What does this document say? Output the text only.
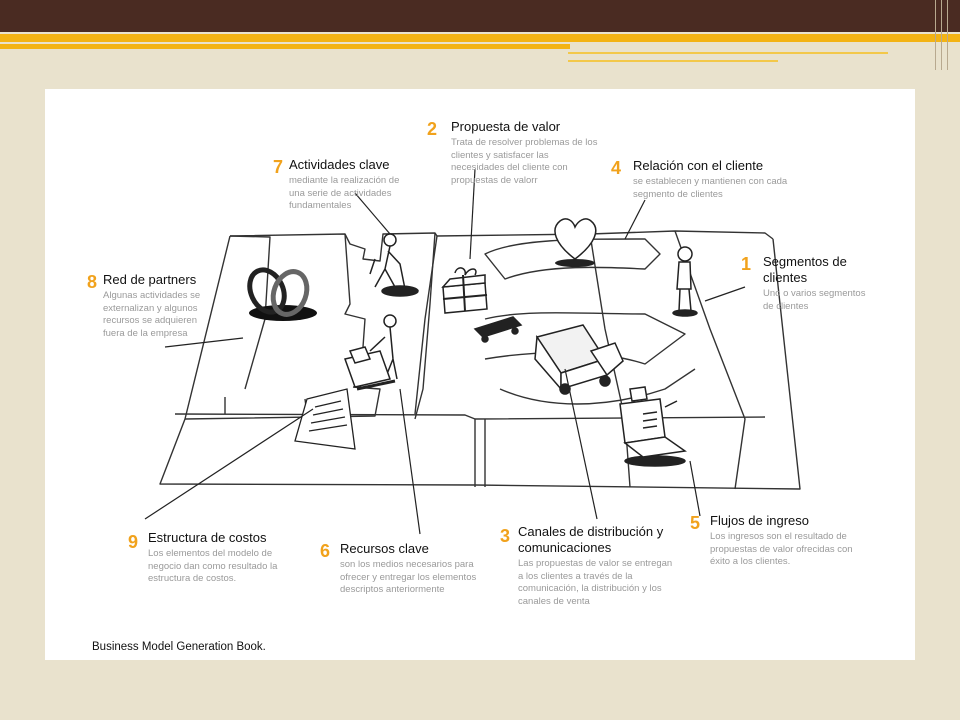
2 Propuesta de valor
Trata de resolver problemas de los clientes y satisfacer las necesidades del cliente con propuestas de valorr
7 Actividades clave
mediante la realización de una serie de actividades fundamentales
4 Relación con el cliente
se establecen y mantienen con cada segmento de clientes
1 Segmentos de clientes
Uno o varios segmentos de clientes
8 Red de partners
Algunas actividades se externalizan y algunos recursos se adquieren fuera de la empresa
9 Estructura de costos
Los elementos del modelo de negocio dan como resultado la estructura de costos.
6 Recursos clave
son los medios necesarios para ofrecer y entregar los elementos descriptos anteriormente
3 Canales de distribución y comunicaciones
Las propuestas de valor se entregan a los clientes a través de la comunicación, la distribución y los canales de venta
5 Flujos de ingreso
Los ingresos son el resultado de propuestas de valor ofrecidas con éxito a los clientes.
Business Model Generation Book.
